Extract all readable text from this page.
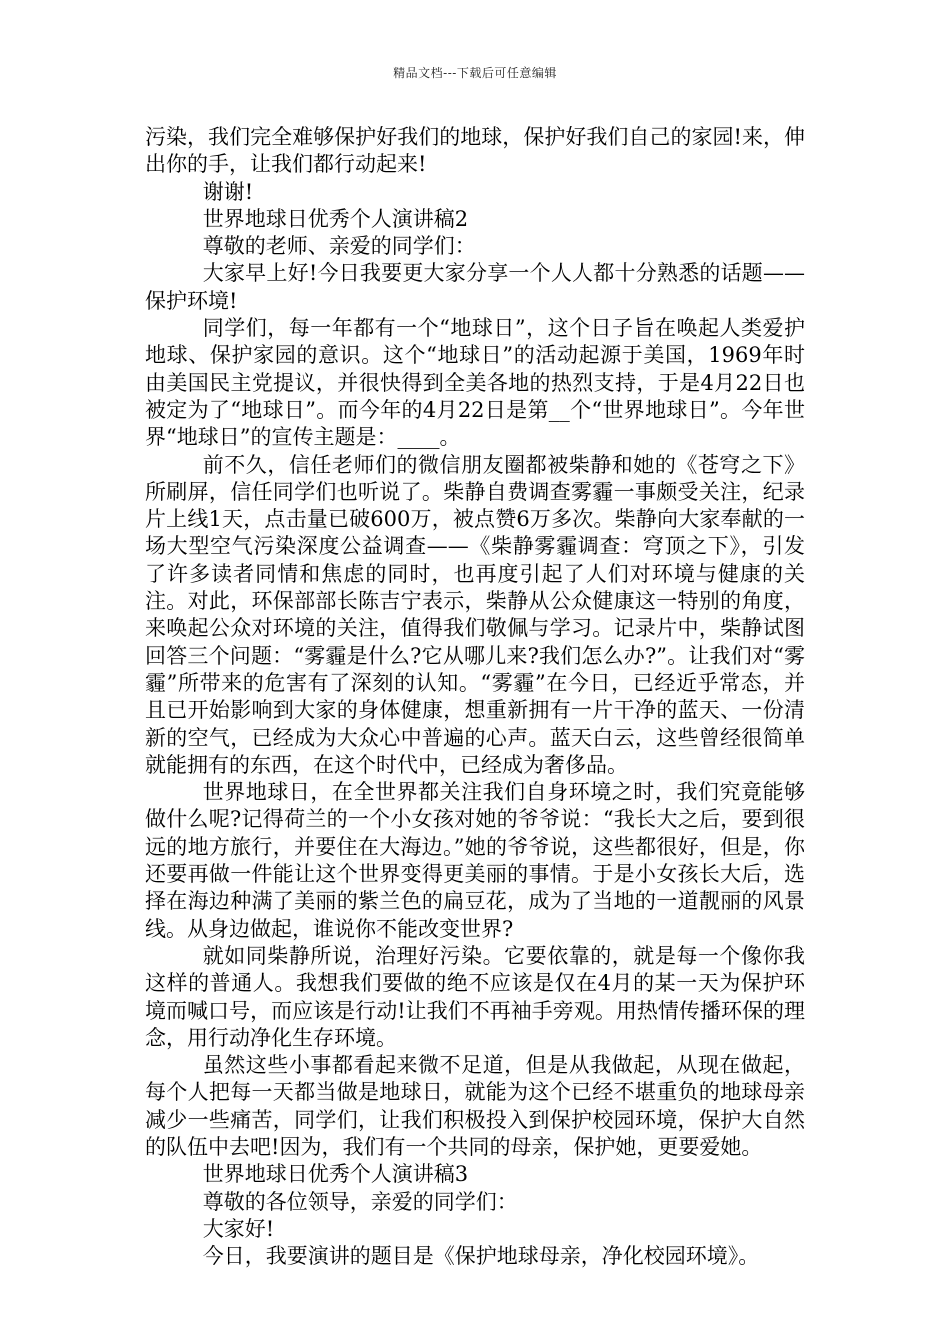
精品文档---下载后可任意编辑

污染，我们完全难够保护好我们的地球，保护好我们自己的家园!来，伸出你的手，让我们都行动起来!

谢谢!

世界地球日优秀个人演讲稿2

尊敬的老师、亲爱的同学们：

大家早上好!今日我要更大家分享一个人人都十分熟悉的话题——保护环境!

同学们，每一年都有一个“地球日”，这个日子旨在唤起人类爱护地球、保护家园的意识。这个“地球日”的活动起源于美国，1969年时由美国民主党提议，并很快得到全美各地的热烈支持，于是4月22日也被定为了“地球日”。而今年的4月22日是第__个“世界地球日”。今年世界“地球日”的宣传主题是：____。

前不久，信任老师们的微信朋友圈都被柴静和她的《苍穹之下》所刷屏，信任同学们也听说了。柴静自费调查雾霾一事颇受关注，纪录片上线1天，点击量已破600万，被点赞6万多次。柴静向大家奉献的一场大型空气污染深度公益调查——《柴静雾霾调查：穹顶之下》，引发了许多读者同情和焦虑的同时，也再度引起了人们对环境与健康的关注。对此，环保部部长陈吉宁表示，柴静从公众健康这一特别的角度，来唤起公众对环境的关注，值得我们敬佩与学习。记录片中，柴静试图回答三个问题：“雾霾是什么?它从哪儿来?我们怎么办?”。让我们对“雾霾”所带来的危害有了深刻的认知。“雾霾”在今日，已经近乎常态，并且已开始影响到大家的身体健康，想重新拥有一片干净的蓝天、一份清新的空气，已经成为大众心中普遍的心声。蓝天白云，这些曾经很简单就能拥有的东西，在这个时代中，已经成为奢侈品。

世界地球日，在全世界都关注我们自身环境之时，我们究竟能够做什么呢?记得荷兰的一个小女孩对她的爷爷说：“我长大之后，要到很远的地方旅行，并要住在大海边。”她的爷爷说，这些都很好，但是，你还要再做一件能让这个世界变得更美丽的事情。于是小女孩长大后，选择在海边种满了美丽的紫兰色的扁豆花，成为了当地的一道靓丽的风景线。从身边做起，谁说你不能改变世界?

就如同柴静所说，治理好污染。它要依靠的，就是每一个像你我这样的普通人。我想我们要做的绝不应该是仅在4月的某一天为保护环境而喊口号，而应该是行动!让我们不再袖手旁观。用热情传播环保的理念，用行动净化生存环境。

虽然这些小事都看起来微不足道，但是从我做起，从现在做起，每个人把每一天都当做是地球日，就能为这个已经不堪重负的地球母亲减少一些痛苦，同学们，让我们积极投入到保护校园环境，保护大自然的队伍中去吧!因为，我们有一个共同的母亲，保护她，更要爱她。

世界地球日优秀个人演讲稿3

尊敬的各位领导，亲爱的同学们：

大家好!

今日，我要演讲的题目是《保护地球母亲，净化校园环境》。
